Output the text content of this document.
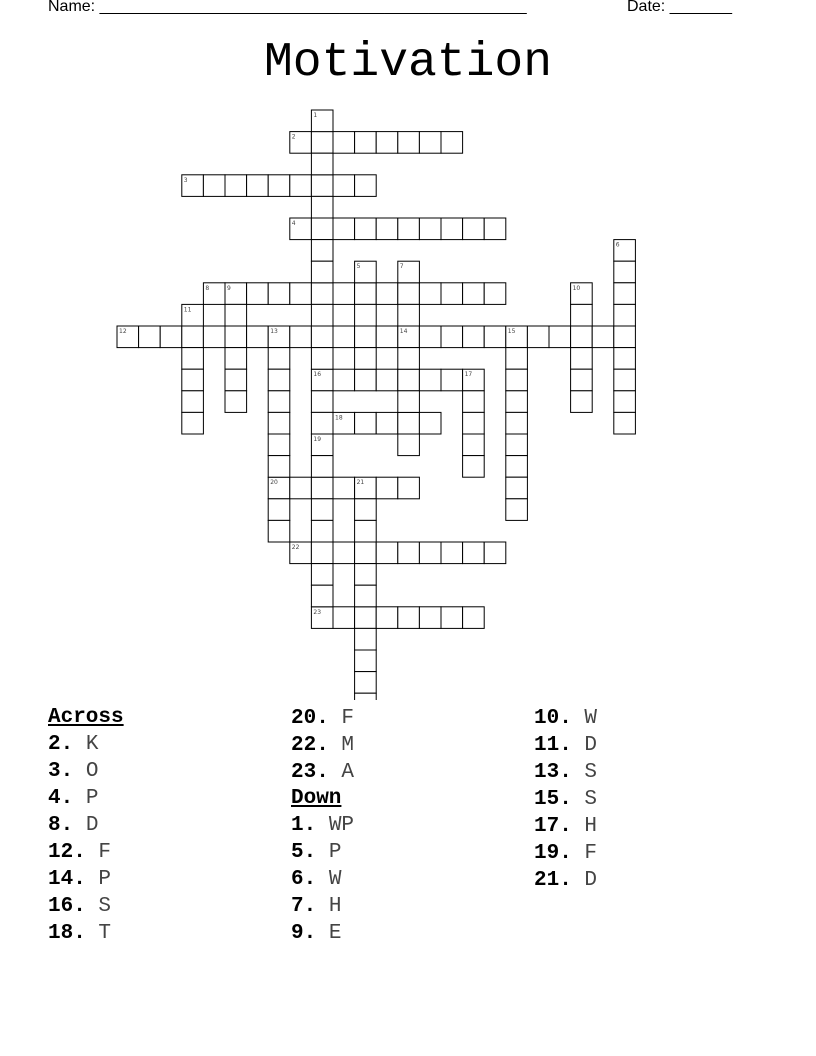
Name: ________________________________________________	Date: _______
Motivation
1
2
3
4
5
6
7
8	9	10
11
12	13	14	15
16	17
18
19
20	21
22
23
Across
2. K
3. O
4. P
8. D
12. F
14. P
16. S
18. T
20. F
22. M
23. A
Down
1. WP
5. P
6. W
7. H
9. E
10. W
11. D
13. S
15. S
17. H
19. F
21. D
